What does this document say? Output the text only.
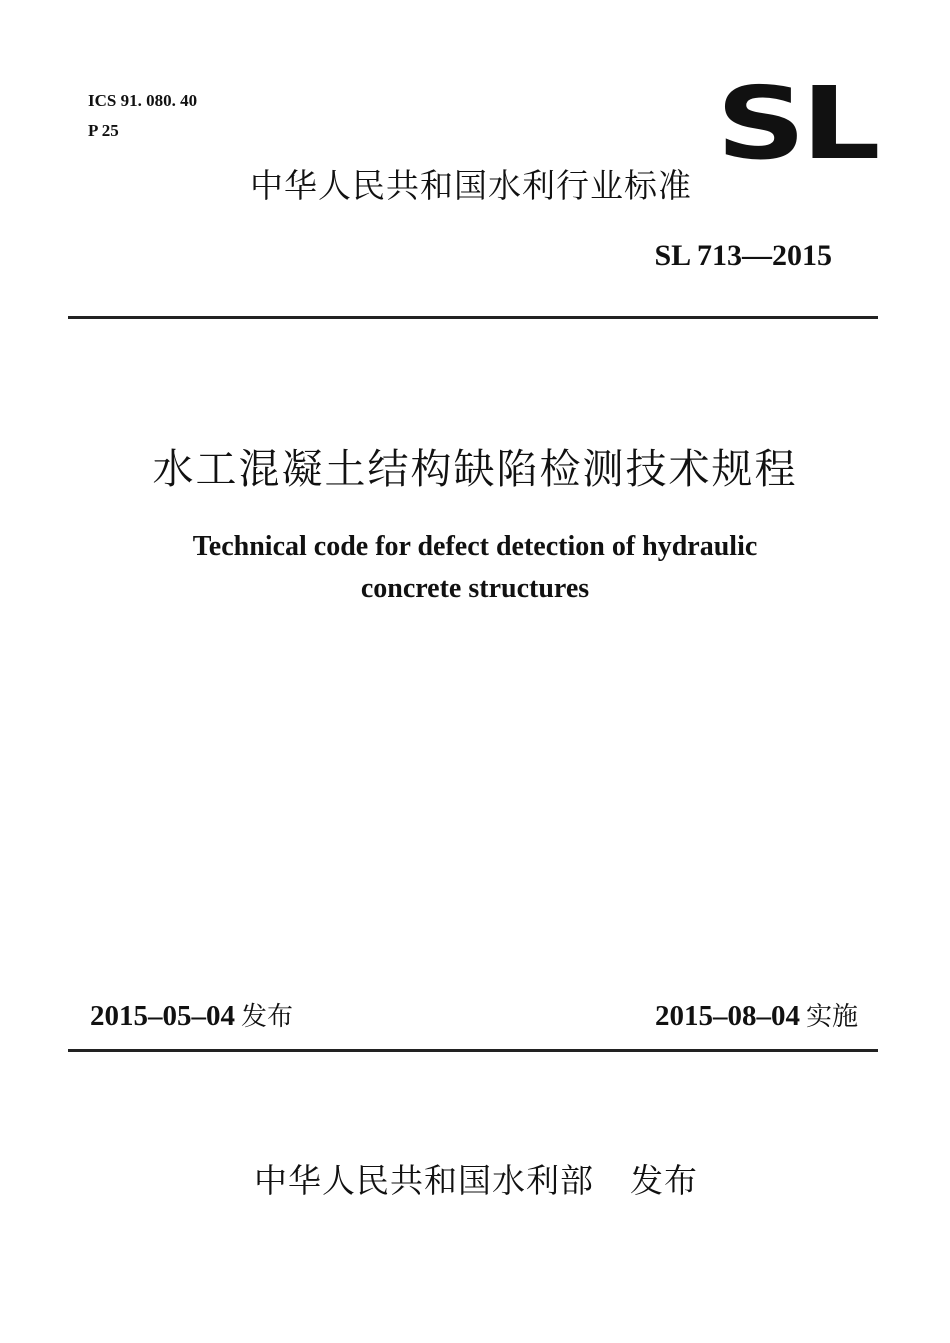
ICS 91. 080. 40
P 25	SL
中华人民共和国水利行业标准
SL 713—2015
水工混凝土结构缺陷检测技术规程
Technical code for defect detection of hydraulic
concrete structures
2015–05–04 发布	2015–08–04 实施
中华人民共和国水利部 发布
